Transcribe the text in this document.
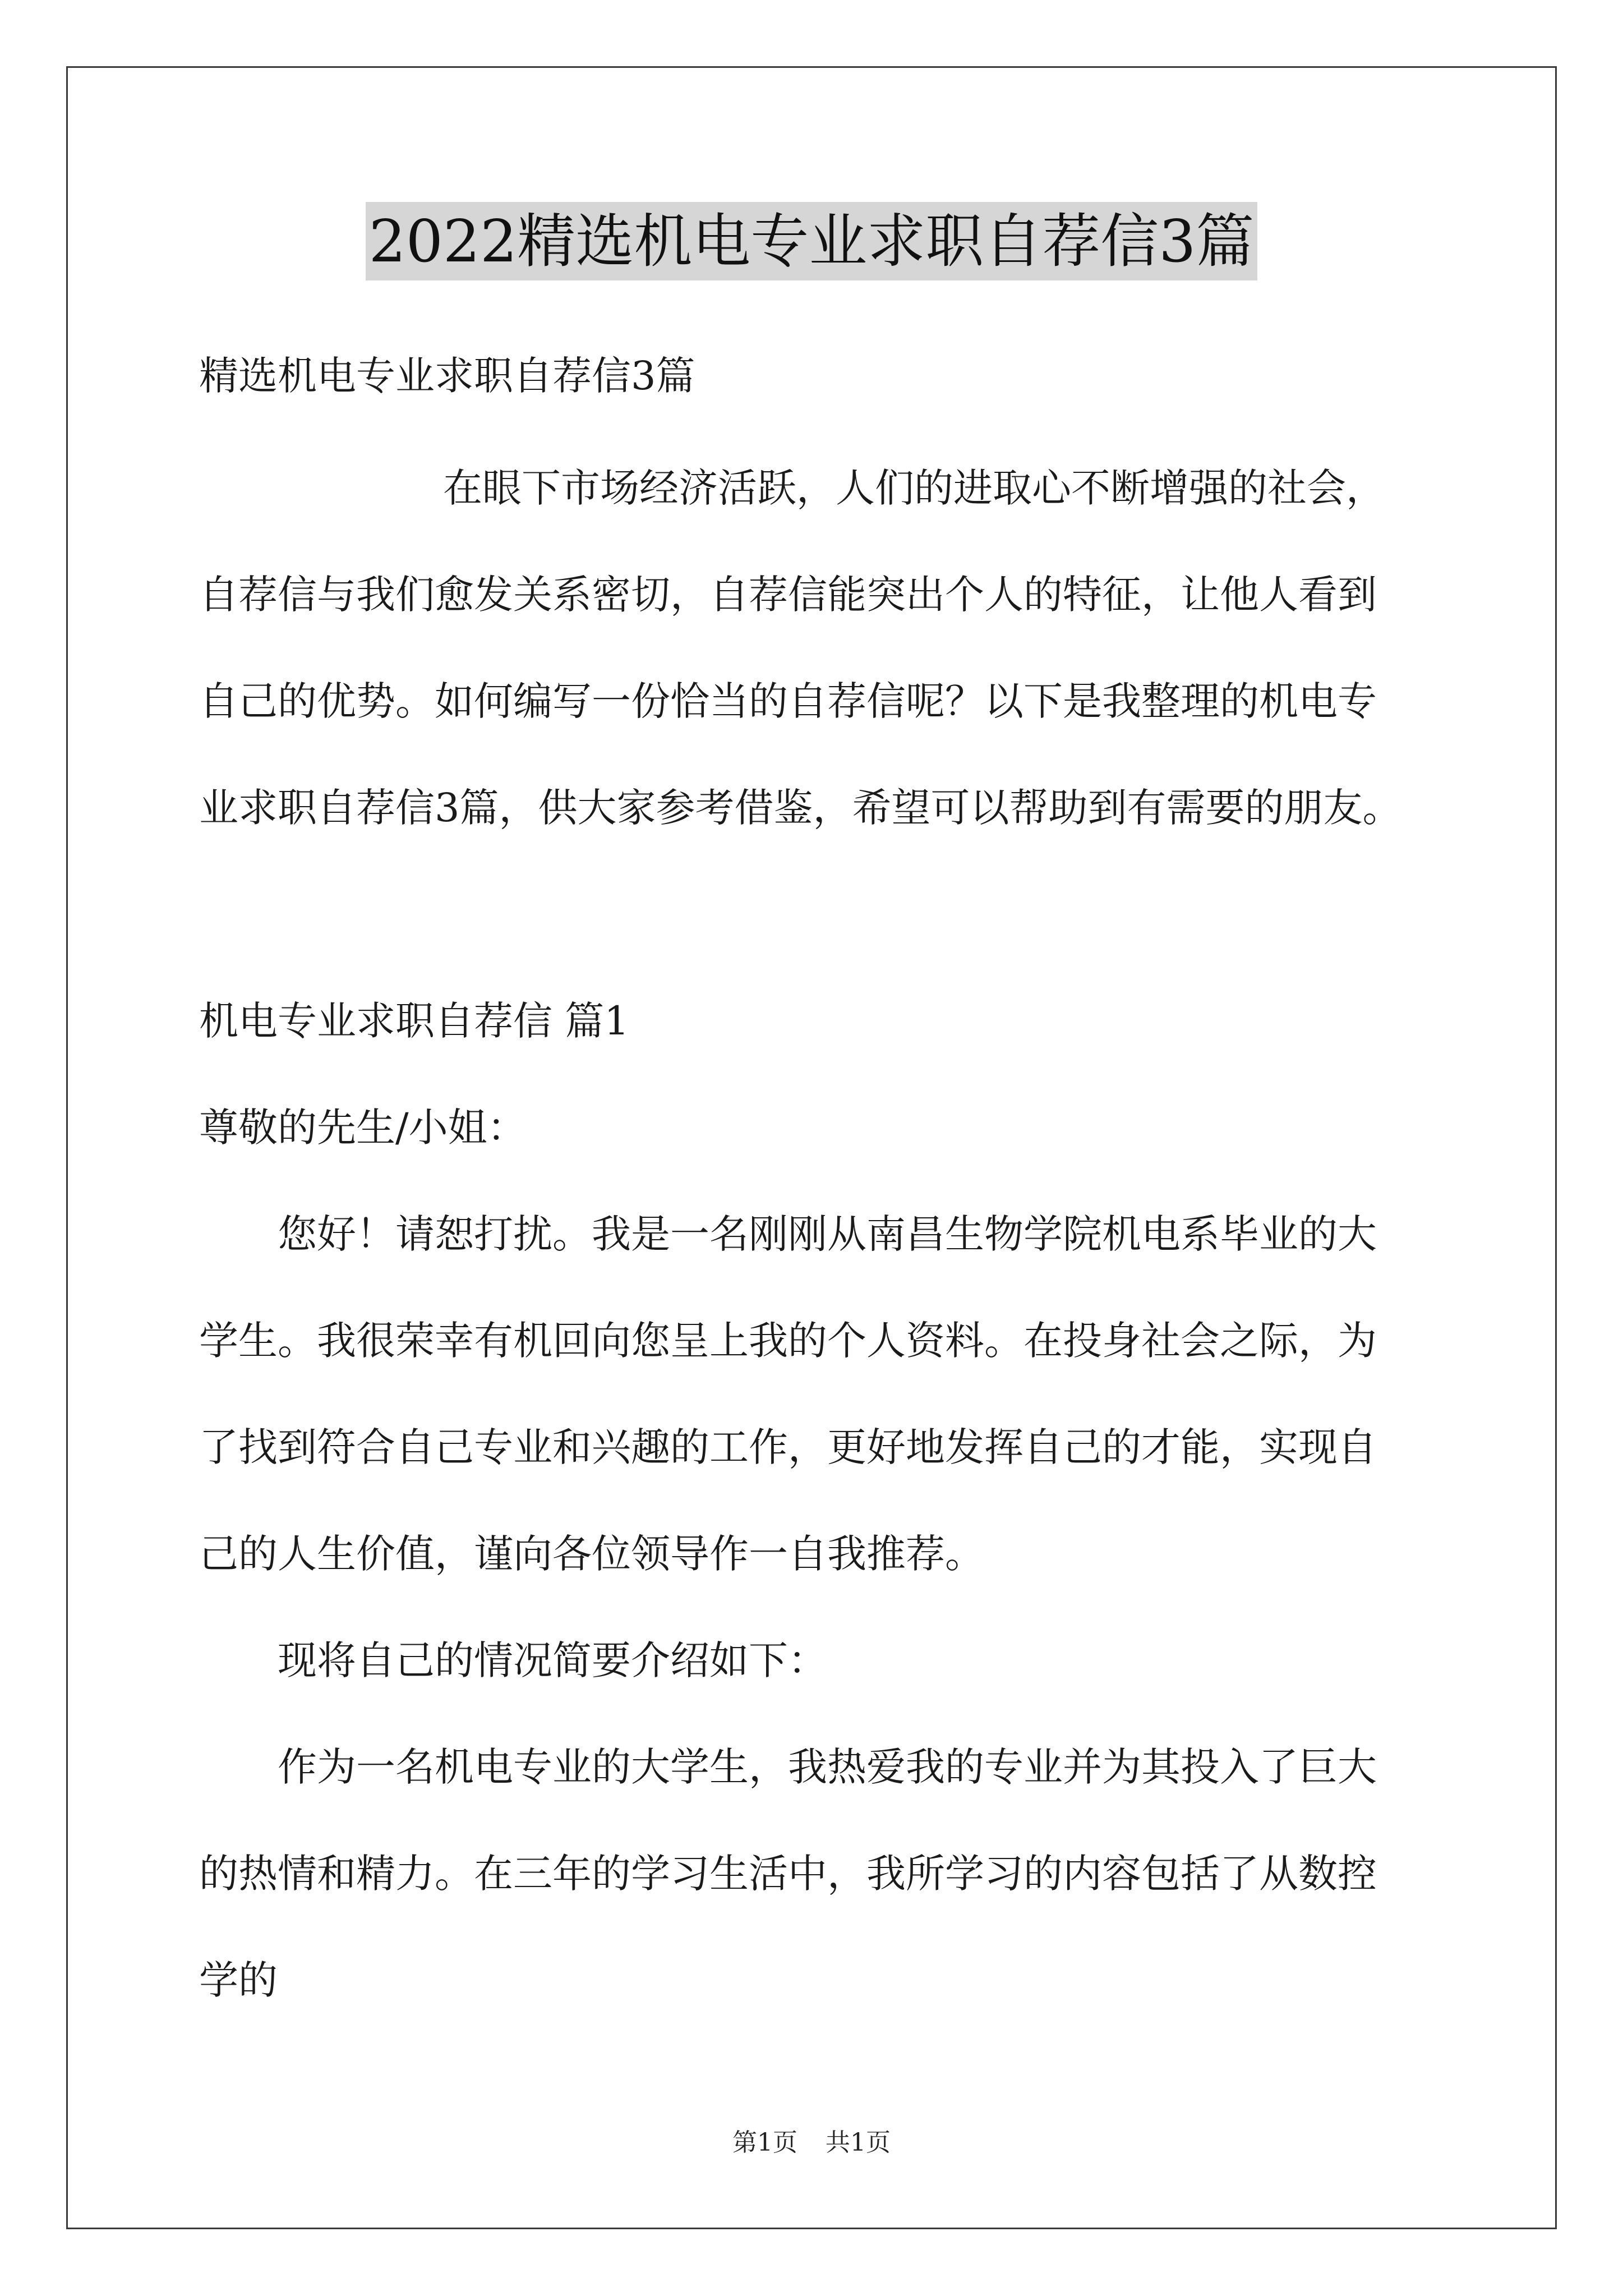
2022精选机电专业求职自荐信3篇
精选机电专业求职自荐信3篇
在眼下市场经济活跃，人们的进取心不断增强的社会，
自荐信与我们愈发关系密切，自荐信能突出个人的特征，让他人看到
自己的优势。如何编写一份恰当的自荐信呢？以下是我整理的机电专
业求职自荐信3篇，供大家参考借鉴，希望可以帮助到有需要的朋友。
机电专业求职自荐信 篇1
尊敬的先生/小姐：
您好！请恕打扰。我是一名刚刚从南昌生物学院机电系毕业的大
学生。我很荣幸有机回向您呈上我的个人资料。在投身社会之际，为
了找到符合自己专业和兴趣的工作，更好地发挥自己的才能，实现自
己的人生价值，谨向各位领导作一自我推荐。
现将自己的情况简要介绍如下：
作为一名机电专业的大学生，我热爱我的专业并为其投入了巨大
的热情和精力。在三年的学习生活中，我所学习的内容包括了从数控
学的
第1页 共1页
